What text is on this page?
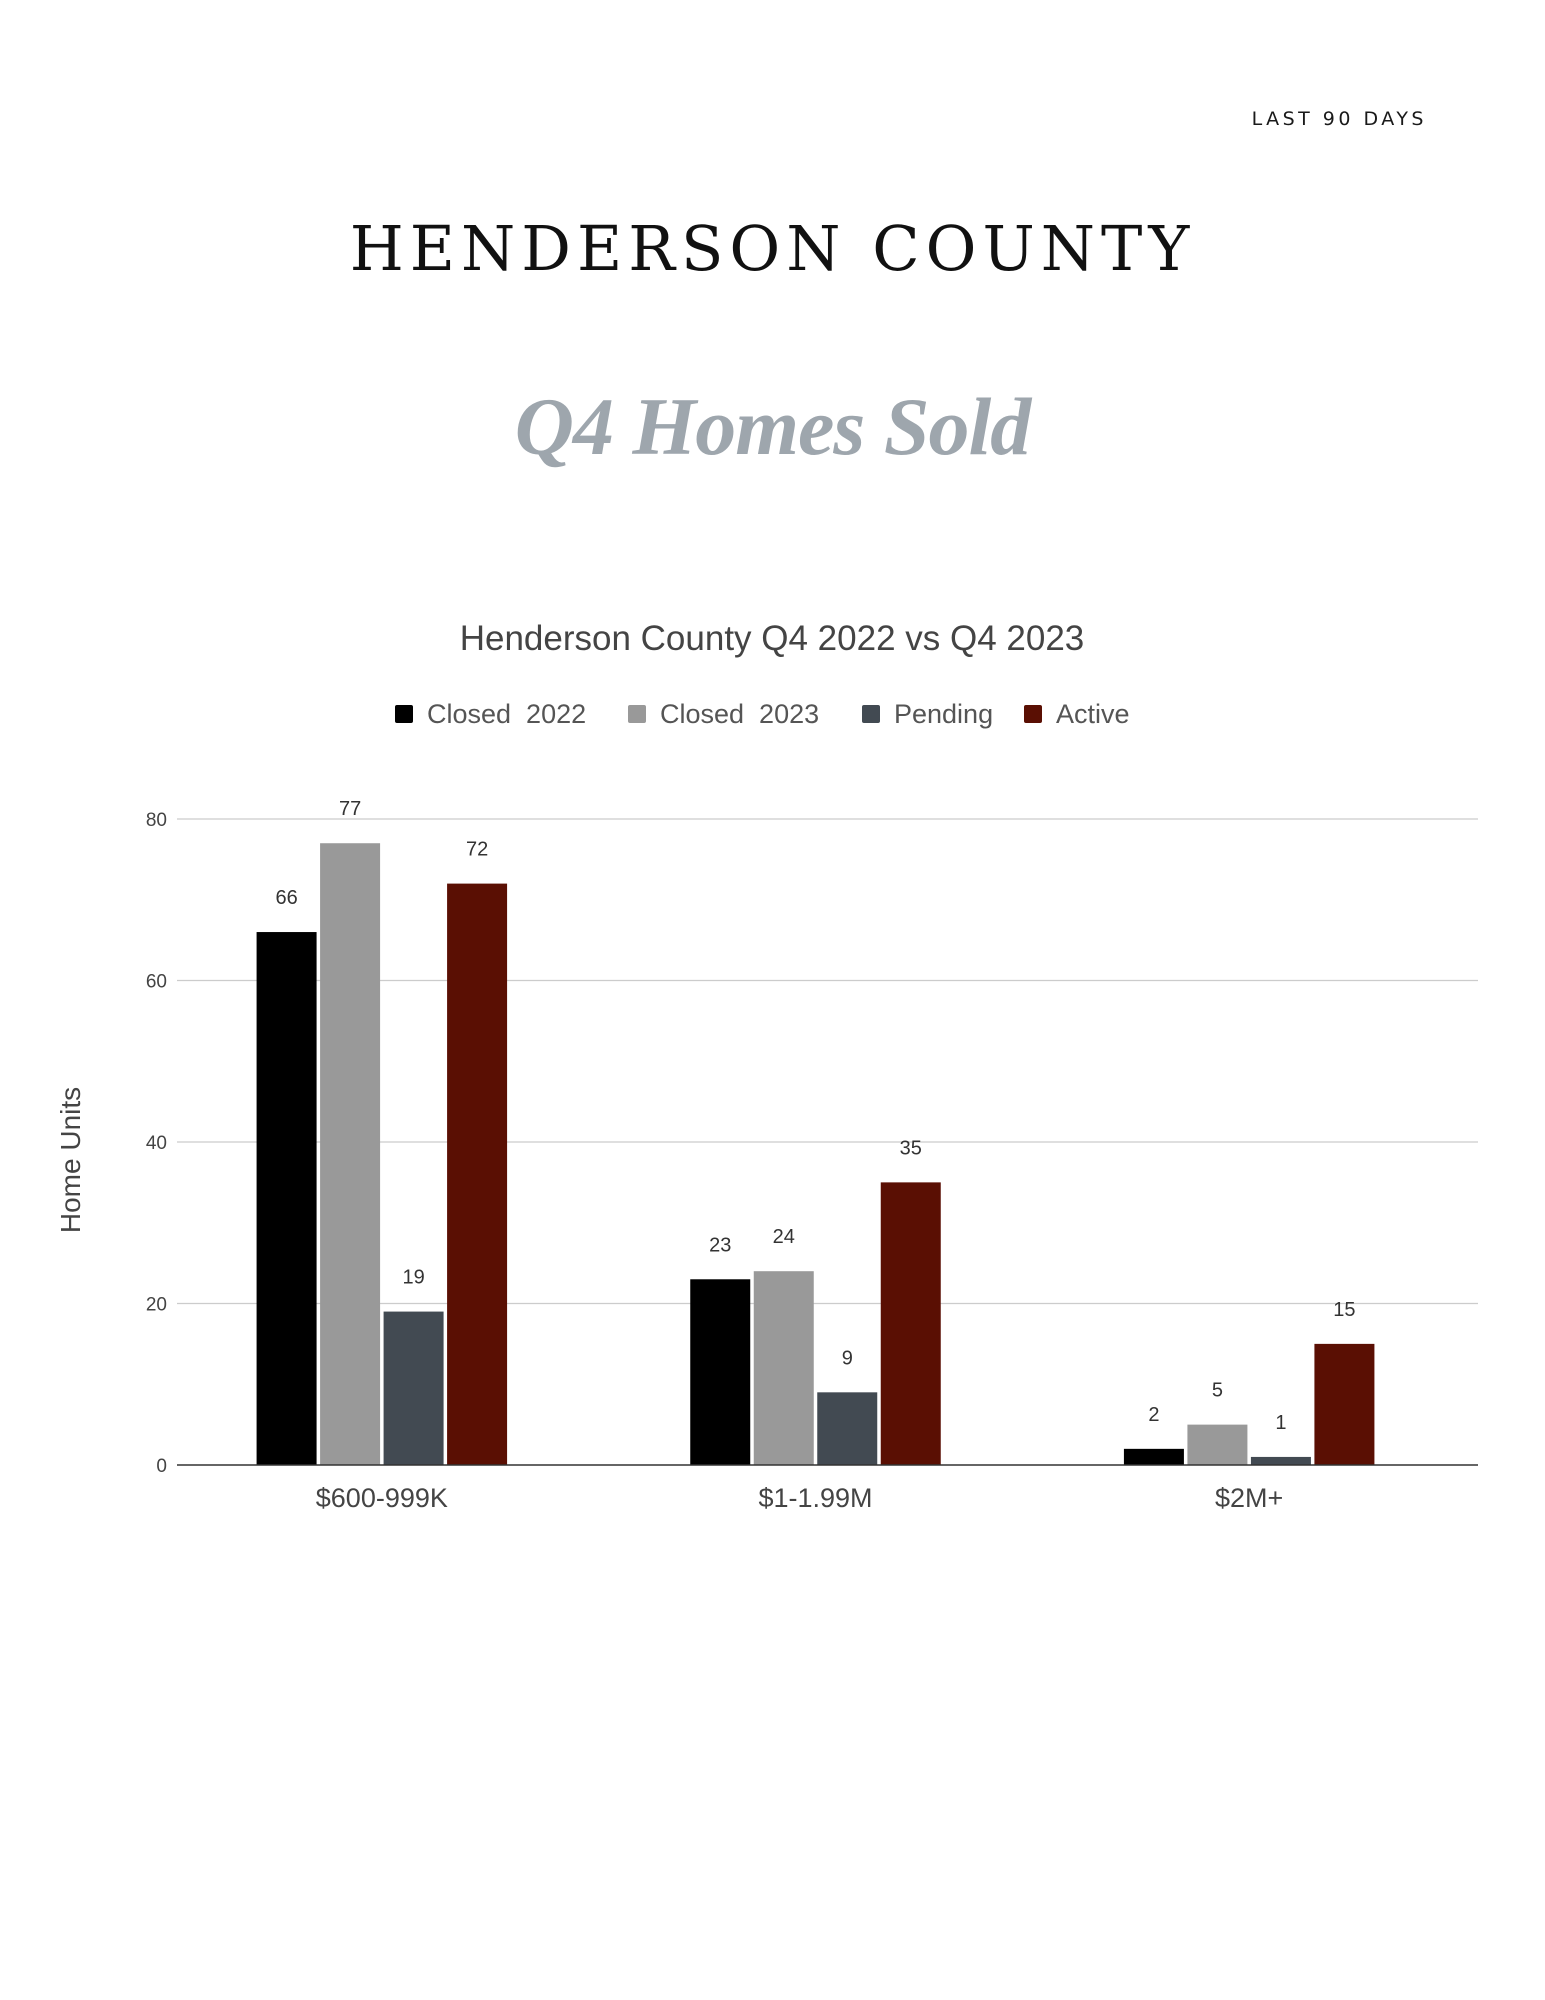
LAST 90 DAYS
HENDERSON COUNTY
Q4 Homes Sold
Henderson County Q4 2022 vs Q4 2023
Closed  2022	Closed  2023	Pending Active
0
20
40
60
80
Home Units
66
77
19
72
23 24
9
35
2
5
1
15
$600-999K	$1-1.99M	$2M+
